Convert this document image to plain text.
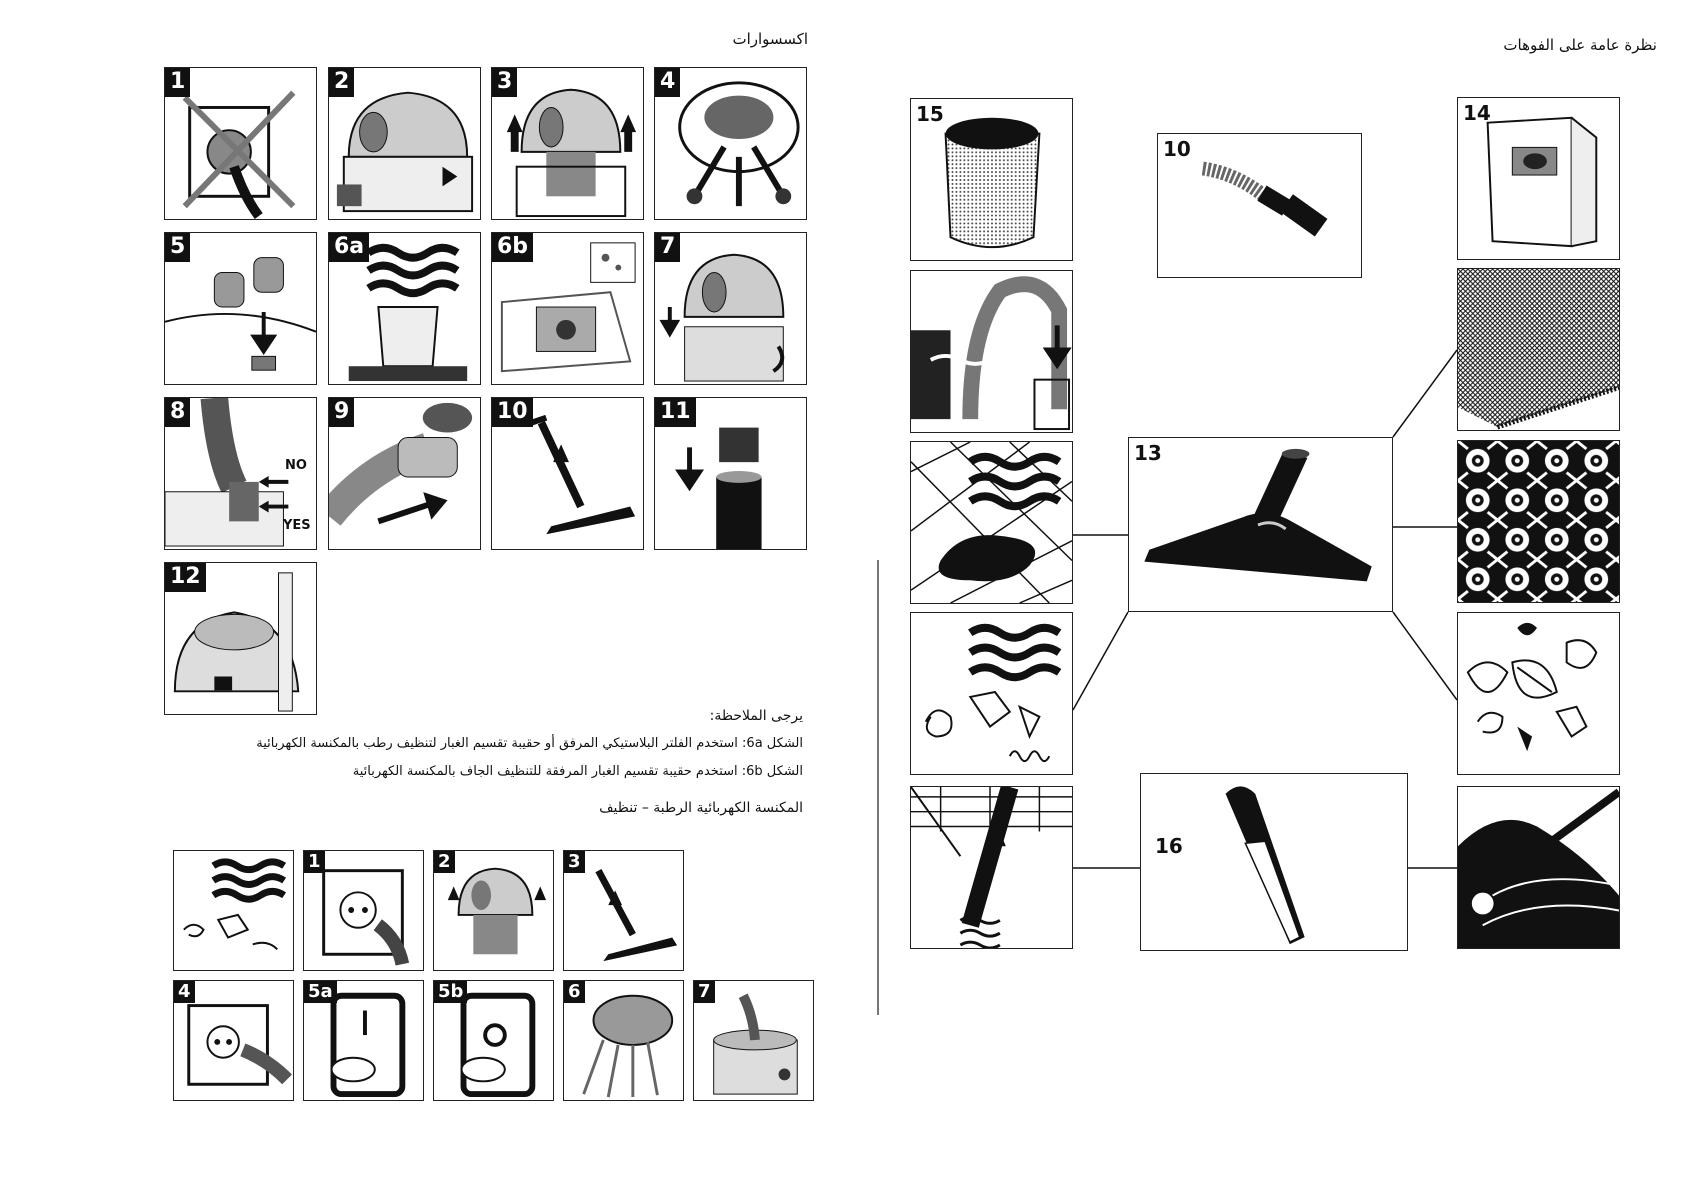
اكسسوارات
1	2	3	4
5	6a	6b	7
8
NO
YES
9	10	11
12
يرجى الملاحظة:
الشكل 6a: استخدم الفلتر البلاستيكي المرفق أو حقيبة تقسيم الغبار لتنظيف رطب بالمكنسة الكهربائية
الشكل 6b: استخدم حقيبة تقسيم الغبار المرفقة للتنظيف الجاف بالمكنسة الكهربائية
المكنسة الكهربائية الرطبة – تنظيف
1	2	3
4	5a	5b	6	7
نظرة عامة على الفوهات
15
10
13
16
14
